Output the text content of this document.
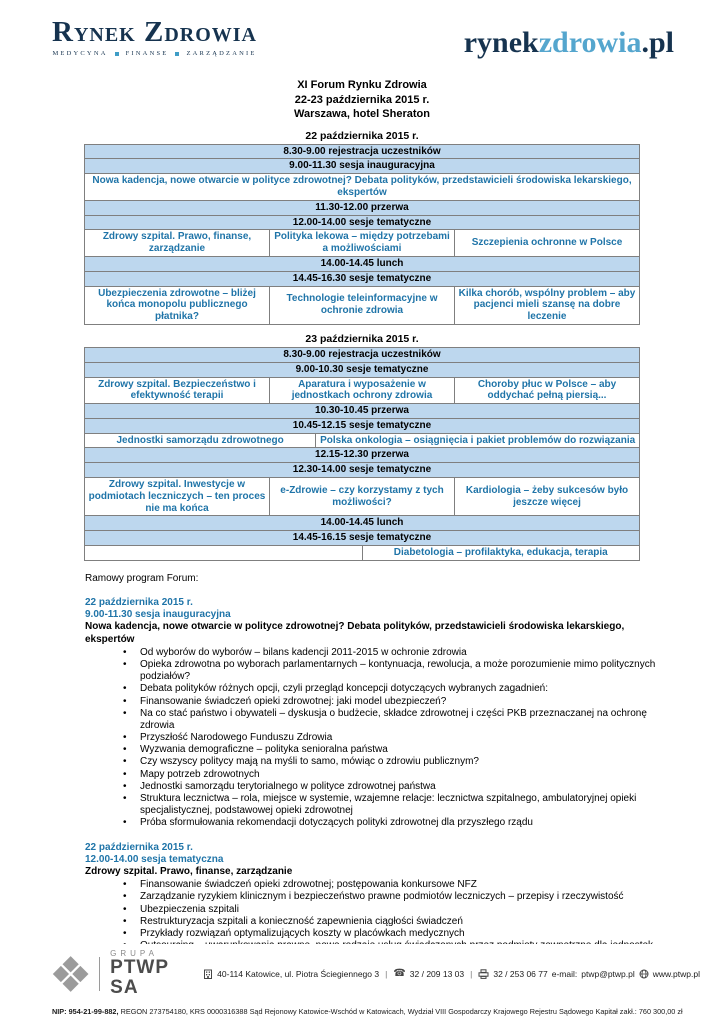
Rynek Zdrowia
MEDYCYNA	FINANSE	ZARZĄDZANIE	rynekzdrowia.pl
XI Forum Rynku Zdrowia
22-23 października 2015 r.
Warszawa, hotel Sheraton
22 października 2015 r.
8.30-9.00 rejestracja uczestników		
9.00-11.30 sesja inauguracyjna		
Nowa kadencja, nowe otwarcie w polityce zdrowotnej? Debata polityków, przedstawicieli środowiska lekarskiego, ekspertów		
11.30-12.00 przerwa		
12.00-14.00 sesje tematyczne		
Zdrowy szpital. Prawo, finanse, zarządzanie	Polityka lekowa – między potrzebami a możliwościami	Szczepienia ochronne w Polsce
14.00-14.45 lunch		
14.45-16.30 sesje tematyczne		
Ubezpieczenia zdrowotne – bliżej końca monopolu publicznego płatnika?	Technologie teleinformacyjne w ochronie zdrowia	Kilka chorób, wspólny problem – aby pacjenci mieli szansę na dobre leczenie
23 października 2015 r.
8.30-9.00 rejestracja uczestników				
9.00-10.30 sesje tematyczne				
Zdrowy szpital. Bezpieczeństwo i efektywność terapii	Aparatura i wyposażenie w jednostkach ochrony zdrowia			Choroby płuc w Polsce – aby oddychać pełną piersią...
10.30-10.45 przerwa				
10.45-12.15 sesje tematyczne				
Jednostki samorządu zdrowotnego		Polska onkologia – osiągnięcia i pakiet problemów do rozwiązania		
12.15-12.30 przerwa				
12.30-14.00 sesje tematyczne				
Zdrowy szpital. Inwestycje w podmiotach leczniczych – ten proces nie ma końca	e-Zdrowie – czy korzystamy z tych możliwości?			Kardiologia – żeby sukcesów było jeszcze więcej
14.00-14.45 lunch				
14.45-16.15 sesje tematyczne				
			Diabetologia – profilaktyka, edukacja, terapia	
Ramowy program Forum:
22 października 2015 r.
9.00-11.30 sesja inauguracyjna
Nowa kadencja, nowe otwarcie w polityce zdrowotnej? Debata polityków, przedstawicieli środowiska lekarskiego, ekspertów
• Od wyborów do wyborów – bilans kadencji 2011-2015 w ochronie zdrowia
• Opieka zdrowotna po wyborach parlamentarnych – kontynuacja, rewolucja, a może porozumienie mimo politycznych podziałów?
• Debata polityków różnych opcji, czyli przegląd koncepcji dotyczących wybranych zagadnień:
• Finansowanie świadczeń opieki zdrowotnej: jaki model ubezpieczeń?
• Na co stać państwo i obywateli – dyskusja o budżecie, składce zdrowotnej i części PKB przeznaczanej na ochronę zdrowia
• Przyszłość Narodowego Funduszu Zdrowia
• Wyzwania demograficzne – polityka senioralna państwa
• Czy wszyscy politycy mają na myśli to samo, mówiąc o zdrowiu publicznym?
• Mapy potrzeb zdrowotnych
• Jednostki samorządu terytorialnego w polityce zdrowotnej państwa
• Struktura lecznictwa – rola, miejsce w systemie, wzajemne relacje: lecznictwa szpitalnego, ambulatoryjnej opieki specjalistycznej, podstawowej opieki zdrowotnej
• Próba sformułowania rekomendacji dotyczących polityki zdrowotnej dla przyszłego rządu
22 października 2015 r.
12.00-14.00 sesja tematyczna
Zdrowy szpital. Prawo, finanse, zarządzanie
• Finansowanie świadczeń opieki zdrowotnej; postępowania konkursowe NFZ
• Zarządzanie ryzykiem klinicznym i bezpieczeństwo prawne podmiotów leczniczych – przepisy i rzeczywistość
• Ubezpieczenia szpitali
• Restrukturyzacja szpitali a konieczność zapewnienia ciągłości świadczeń
• Przykłady rozwiązań optymalizujących koszty w placówkach medycznych
•
GRUPA
PTWP SA
40-114 Katowice, ul. Piotra Ściegiennego 3 | ☎ 32 / 209 13 03 | 32 / 253 06 77 e-mail: ptwp@ptwp.pl www.ptwp.pl
NIP: 954-21-99-882, REGON 273754180, KRS 0000316388 Sąd Rejonowy Katowice-Wschód w Katowicach, Wydział VIII Gospodarczy Krajowego Rejestru Sądowego Kapitał zakł.: 760 300,00 zł
